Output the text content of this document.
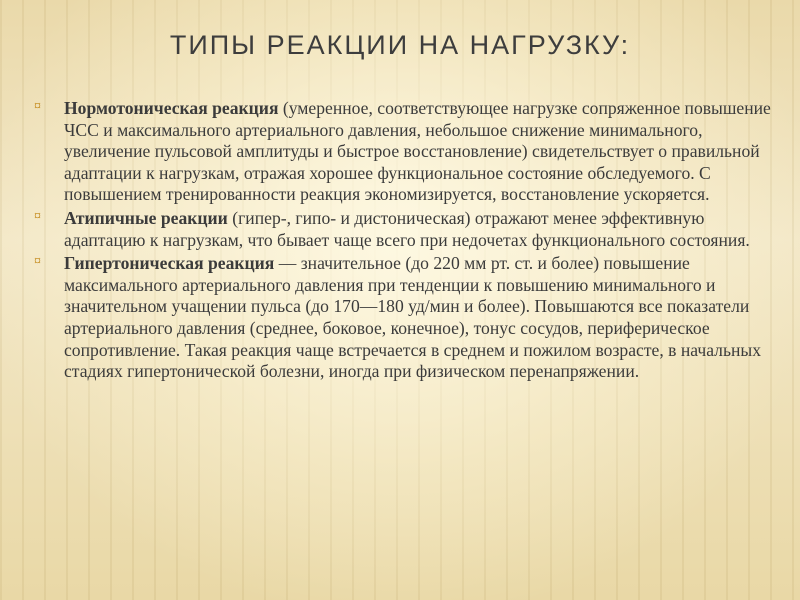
ТИПЫ РЕАКЦИИ НА НАГРУЗКУ:
¤ Нормотоническая реакция (умеренное, соответствующее нагрузке сопряженное повышение ЧСС и максимального артериального давления, небольшое снижение минимального, увеличение пульсовой амплитуды и быстрое восстановление) свидетельствует о правильной адаптации к нагрузкам, отражая хорошее функциональное состояние обследуемого. С повышением тренированности реакция экономизируется, восстановление ускоряется.
¤ Атипичные реакции (гипер-, гипо- и дистоническая) отражают менее эффективную адаптацию к нагрузкам, что бывает чаще всего при недочетах функционального состояния.
¤ Гипертоническая реакция — значительное (до 220 мм рт. ст. и более) повышение максимального артериального давления при тенденции к повышению минимального и значительном учащении пульса (до 170—180 уд/мин и более). Повышаются все показатели артериального давления (среднее, боковое, конечное), тонус сосудов, периферическое сопротивление. Такая реакция чаще встречается в среднем и пожилом возрасте, в начальных стадиях гипертонической болезни, иногда при физическом перенапряжении.
